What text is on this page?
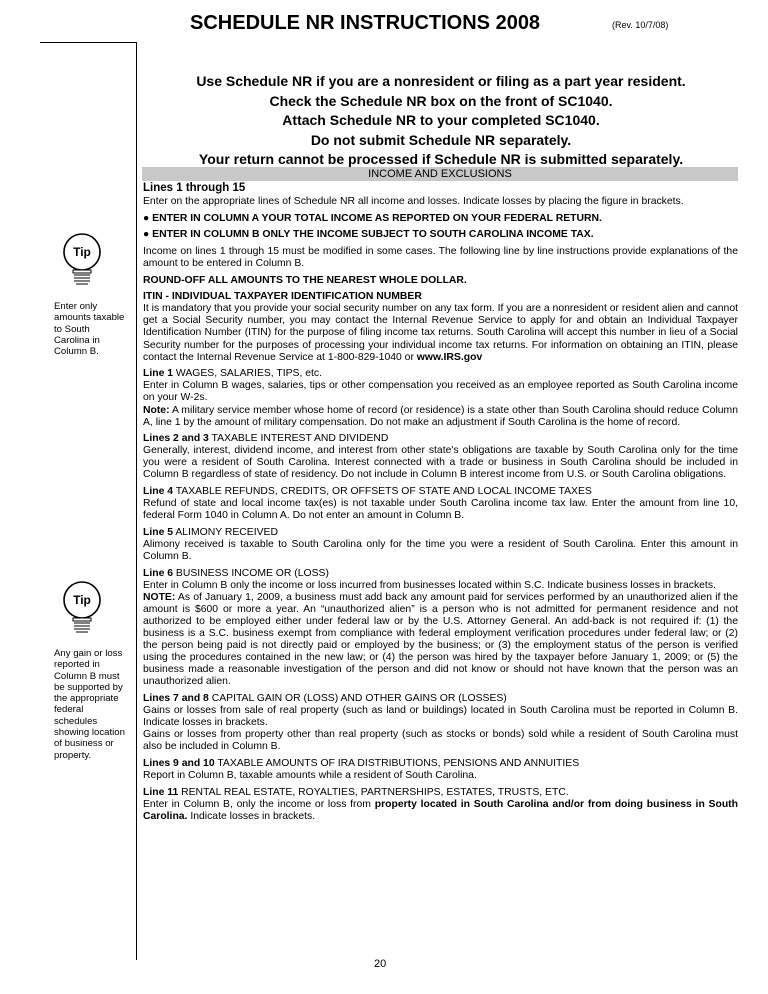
SCHEDULE NR INSTRUCTIONS 2008	(Rev. 10/7/08)
Use Schedule NR if you are a nonresident or filing as a part year resident.
Check the Schedule NR box on the front of SC1040.
Attach Schedule NR to your completed SC1040.
Do not submit Schedule NR separately.
Your return cannot be processed if Schedule NR is submitted separately.
INCOME AND EXCLUSIONS
Tip
Enter only amounts taxable to South Carolina in Column B.
Tip
Any gain or loss reported in Column B must be supported by the appropriate federal schedules showing location of business or property.

Lines 1 through 15

Enter on the appropriate lines of Schedule NR all income and losses. Indicate losses by placing the figure in brackets.

● ENTER IN COLUMN A YOUR TOTAL INCOME AS REPORTED ON YOUR FEDERAL RETURN.

● ENTER IN COLUMN B ONLY THE INCOME SUBJECT TO SOUTH CAROLINA INCOME TAX.

Income on lines 1 through 15 must be modified in some cases. The following line by line instructions provide explanations of the amount to be entered in Column B.

ROUND-OFF ALL AMOUNTS TO THE NEAREST WHOLE DOLLAR.

ITIN - INDIVIDUAL TAXPAYER IDENTIFICATION NUMBER
It is mandatory that you provide your social security number on any tax form. If you are a nonresident or resident alien and cannot get a Social Security number, you may contact the Internal Revenue Service to apply for and obtain an Individual Taxpayer Identification Number (ITIN) for the purpose of filing income tax returns. South Carolina will accept this number in lieu of a Social Security number for the purposes of processing your individual income tax returns. For information on obtaining an ITIN, please contact the Internal Revenue Service at 1-800-829-1040 or www.IRS.gov

Line 1 WAGES, SALARIES, TIPS, etc.
Enter in Column B wages, salaries, tips or other compensation you received as an employee reported as South Carolina income on your W-2s.
Note: A military service member whose home of record (or residence) is a state other than South Carolina should reduce Column A, line 1 by the amount of military compensation. Do not make an adjustment if South Carolina is the home of record.

Lines 2 and 3 TAXABLE INTEREST AND DIVIDEND
Generally, interest, dividend income, and interest from other state's obligations are taxable by South Carolina only for the time you were a resident of South Carolina. Interest connected with a trade or business in South Carolina should be included in Column B regardless of state of residency. Do not include in Column B interest income from U.S. or South Carolina obligations.

Line 4 TAXABLE REFUNDS, CREDITS, OR OFFSETS OF STATE AND LOCAL INCOME TAXES
Refund of state and local income tax(es) is not taxable under South Carolina income tax law. Enter the amount from line 10, federal Form 1040 in Column A. Do not enter an amount in Column B.

Line 5 ALIMONY RECEIVED
Alimony received is taxable to South Carolina only for the time you were a resident of South Carolina. Enter this amount in Column B.

Line 6 BUSINESS INCOME OR (LOSS)
Enter in Column B only the income or loss incurred from businesses located within S.C. Indicate business losses in brackets.
NOTE: As of January 1, 2009, a business must add back any amount paid for services performed by an unauthorized alien if the amount is $600 or more a year. An “unauthorized alien” is a person who is not admitted for permanent residence and not authorized to be employed either under federal law or by the U.S. Attorney General. An add-back is not required if: (1) the business is a S.C. business exempt from compliance with federal employment verification procedures under federal law; or (2) the person being paid is not directly paid or employed by the business; or (3) the employment status of the person is verified using the procedures contained in the new law; or (4) the person was hired by the taxpayer before January 1, 2009; or (5) the business made a reasonable investigation of the person and did not know or should not have known that the person was an unauthorized alien.

Lines 7 and 8 CAPITAL GAIN OR (LOSS) AND OTHER GAINS OR (LOSSES)
Gains or losses from sale of real property (such as land or buildings) located in South Carolina must be reported in Column B. Indicate losses in brackets.
Gains or losses from property other than real property (such as stocks or bonds) sold while a resident of South Carolina must also be included in Column B.

Lines 9 and 10 TAXABLE AMOUNTS OF IRA DISTRIBUTIONS, PENSIONS AND ANNUITIES
Report in Column B, taxable amounts while a resident of South Carolina.

Line 11 RENTAL REAL ESTATE, ROYALTIES, PARTNERSHIPS, ESTATES, TRUSTS, ETC.
Enter in Column B, only the income or loss from property located in South Carolina and/or from doing business in South Carolina. Indicate losses in brackets.

20
